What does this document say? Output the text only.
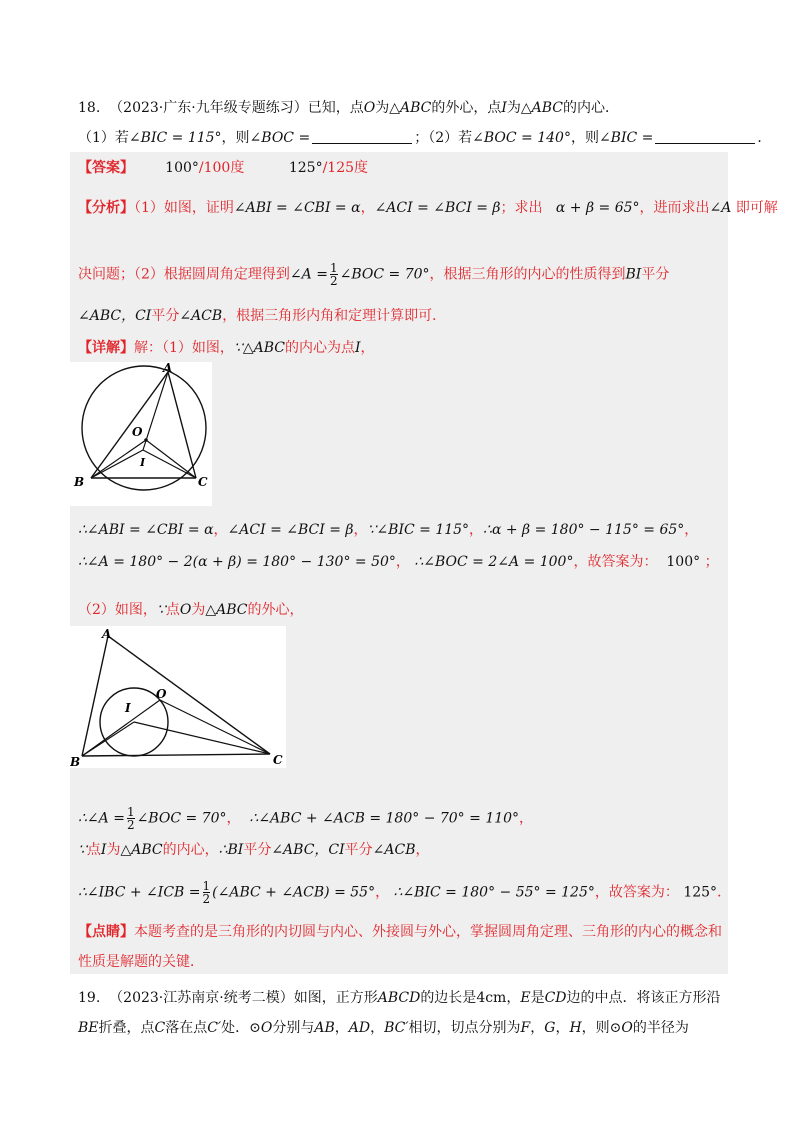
18. （2023·广东·九年级专题练习）已知，点O为△ABC的外心，点I为△ABC的内心．
（1）若∠BIC = 115°，则∠BOC =	；（2）若∠BOC = 140°，则∠BIC =	．
【答案】 100°/100度	125°/125度
【分析】（1）如图，证明∠ABI = ∠CBI = α，∠ACI = ∠BCI = β；求出 α + β = 65°，进而求出∠A 即可解
决问题；（2）根据圆周角定理得到∠A = $\frac{1}{2}$ ∠BOC = 70°，根据三角形的内心的性质得到BI平分
∠ABC，CI平分∠ACB，根据三角形内角和定理计算即可．
【详解】解：（1）如图，∵△ABC的内心为点I，
A
B	C
O
I
∴∠ABI = ∠CBI = α，∠ACI = ∠BCI = β，∵∠BIC = 115°，∴α + β = 180° − 115° = 65°，
∴∠A = 180° − 2(α + β) = 180° − 130° = 50°， ∴∠BOC = 2∠A = 100°，故答案为： 100° ；
（2）如图，∵点O为△ABC的外心，
A
B	C
O
I
∴∠A = $\frac{1}{2}$ ∠BOC = 70°， ∴∠ABC + ∠ACB = 180° − 70° = 110°，
∵点I为△ABC的内心，∴BI平分∠ABC，CI平分∠ACB，
∴∠IBC + ∠ICB = $\frac{1}{2}$ (∠ABC + ∠ACB) = 55°， ∴∠BIC = 180° − 55° = 125°，故答案为： 125°．
【点睛】本题考查的是三角形的内切圆与内心、外接圆与外心，掌握圆周角定理、三角形的内心的概念和
性质是解题的关键．
19. （2023·江苏南京·统考二模）如图，正方形ABCD的边长是4cm，E是CD边的中点．将该正方形沿
BE折叠，点C落在点C′处．⊙O分别与AB，AD，BC′相切，切点分别为F，G，H，则⊙O的半径为
